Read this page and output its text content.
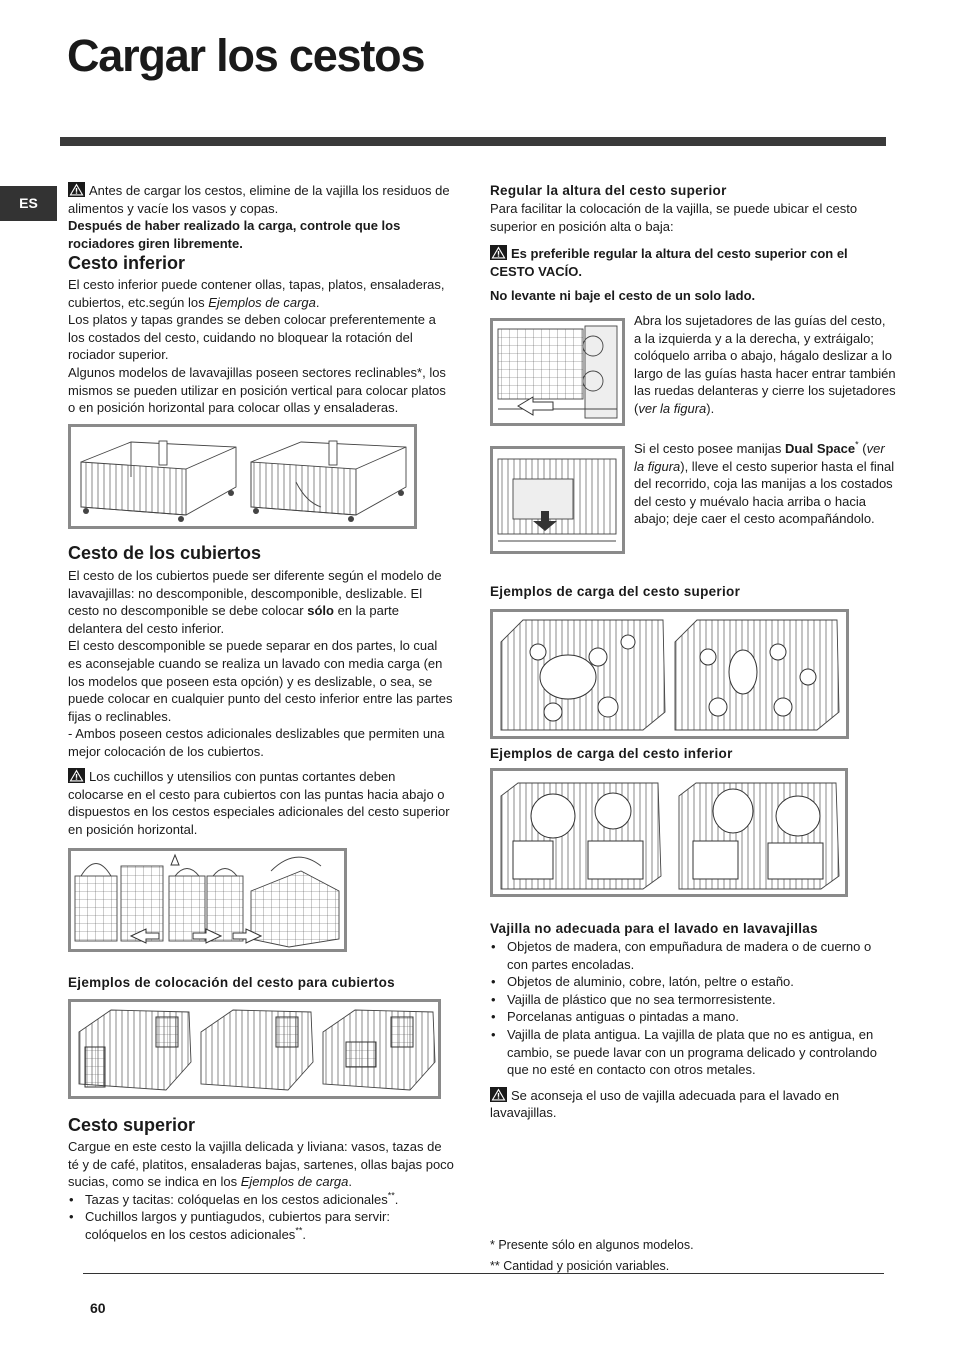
Cargar los cestos
ES

Antes de cargar los cestos, elimine de la vajilla los residuos de alimentos y vacíe los vasos y copas.

Después de haber realizado la carga, controle que los rociadores giren libremente.

Cesto inferior

El cesto inferior puede contener ollas, tapas, platos, ensaladeras, cubiertos, etc.según los Ejemplos de carga.

Los platos y tapas grandes se deben colocar preferentemente a los costados del cesto, cuidando no bloquear la rotación del rociador superior.

Algunos modelos de lavavajillas poseen sectores reclinables*, los mismos se pueden utilizar en posición vertical para colocar platos o en posición horizontal para colocar ollas y ensaladeras.

Cesto de los cubiertos

El cesto de los cubiertos puede ser diferente según el modelo de lavavajillas: no descomponible, descomponible, deslizable. El cesto no descomponible se debe colocar sólo en la parte delantera del cesto inferior.

El cesto descomponible se puede separar en dos partes, lo cual es aconsejable cuando se realiza un lavado con media carga (en los modelos que poseen esta opción) y es deslizable, o sea, se puede colocar en cualquier punto del cesto inferior entre las partes fijas o reclinables.

- Ambos poseen cestos adicionales deslizables que permiten una mejor colocación de los cubiertos.

Los cuchillos y utensilios con puntas cortantes deben colocarse en el cesto para cubiertos con las puntas hacia abajo o dispuestos en los cestos especiales adicionales del cesto superior en posición horizontal.

Ejemplos de colocación del cesto para cubiertos
Cesto superior

Cargue en este cesto la vajilla delicada y liviana: vasos, tazas de té y de café, platitos, ensaladeras bajas, sartenes, ollas bajas poco sucias, como se indica en los Ejemplos de carga.

• Tazas y tacitas: colóquelas en los cestos adicionales**.
• Cuchillos largos y puntiagudos, cubiertos para servir: colóquelos en los cestos adicionales**.
Regular la altura del cesto superior

Para facilitar la colocación de la vajilla, se puede ubicar el cesto superior en posición alta o baja:

Es preferible regular la altura del cesto superior con el CESTO VACÍO.

No levante ni baje el cesto de un solo lado.

Abra los sujetadores de las guías del cesto, a la izquierda y a la derecha, y extráigalo; colóquelo arriba o abajo, hágalo deslizar a lo largo de las guías hasta hacer entrar también las ruedas delanteras y cierre los sujetadores (ver la figura).

Si el cesto posee manijas Dual Space* (ver la figura), lleve el cesto superior hasta el final del recorrido, coja las manijas a los costados del cesto y muévalo hacia arriba o hacia abajo; deje caer el cesto acompañándolo.

Ejemplos de carga del cesto superior
Ejemplos de carga del cesto inferior
Vajilla no adecuada para el lavado en lavavajillas
• Objetos de madera, con empuñadura de madera o de cuerno o con partes encoladas.
• Objetos de aluminio, cobre, latón, peltre o estaño.
• Vajilla de plástico que no sea termorresistente.
• Porcelanas antiguas o pintadas a mano.
• Vajilla de plata antigua. La vajilla de plata que no es antigua, en cambio, se puede lavar con un programa delicado y controlando que no esté en contacto con otros metales.

Se aconseja el uso de vajilla adecuada para el lavado en lavavajillas.

* Presente sólo en algunos modelos.

** Cantidad y posición variables.

60
